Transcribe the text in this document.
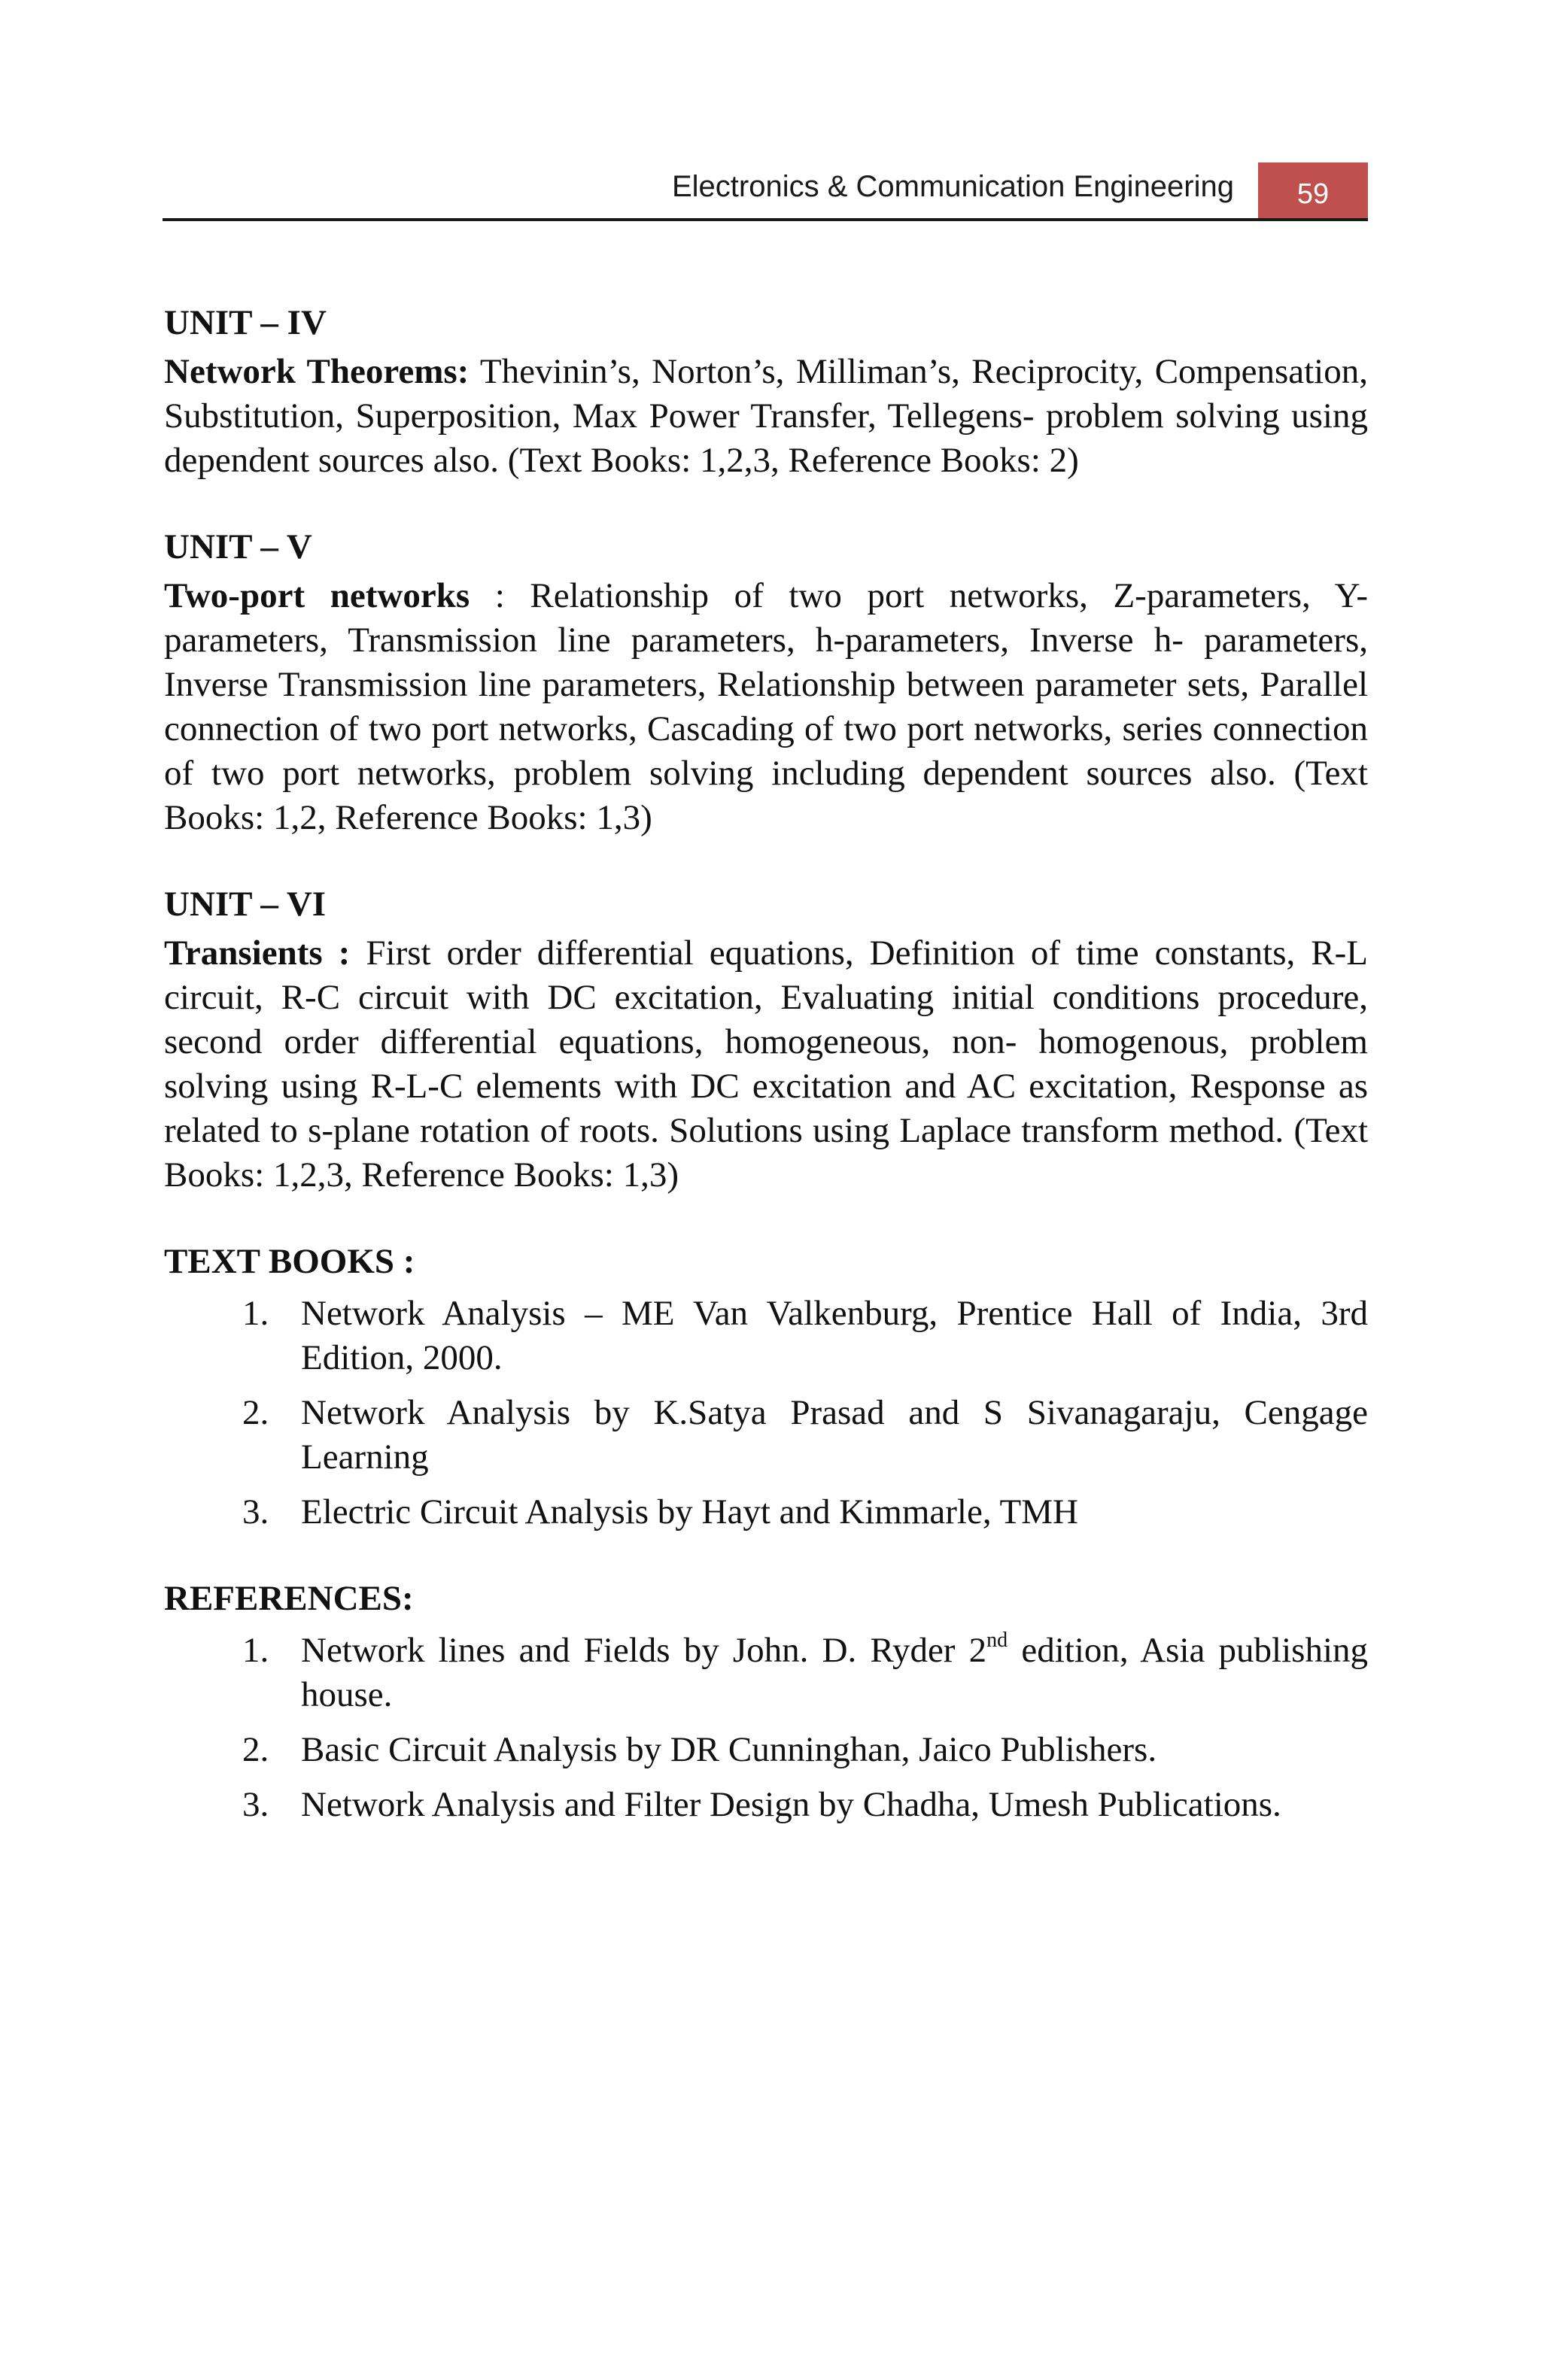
Electronics & Communication Engineering	59

UNIT – IV

Network Theorems: Thevinin’s, Norton’s, Milliman’s, Reciprocity, Compensation, Substitution, Superposition, Max Power Transfer, Tellegens- problem solving using dependent sources also. (Text Books: 1,2,3, Reference Books: 2)

UNIT – V

Two-port networks : Relationship of two port networks, Z-parameters, Y- parameters, Transmission line parameters, h-parameters, Inverse h- parameters, Inverse Transmission line parameters, Relationship between parameter sets, Parallel connection of two port networks, Cascading of two port networks, series connection of two port networks, problem solving including dependent sources also. (Text Books: 1,2, Reference Books: 1,3)

UNIT – VI

Transients : First order differential equations, Definition of time constants, R-L circuit, R-C circuit with DC excitation, Evaluating initial conditions procedure, second order differential equations, homogeneous, non- homogenous, problem solving using R-L-C elements with DC excitation and AC excitation, Response as related to s-plane rotation of roots. Solutions using Laplace transform method. (Text Books: 1,2,3, Reference Books: 1,3)

TEXT BOOKS :

1. Network Analysis – ME Van Valkenburg, Prentice Hall of India, 3rd Edition, 2000.
2. Network Analysis by K.Satya Prasad and S Sivanagaraju, Cengage Learning
3. Electric Circuit Analysis by Hayt and Kimmarle, TMH

REFERENCES:

1. Network lines and Fields by John. D. Ryder 2nd edition, Asia publishing house.
2. Basic Circuit Analysis by DR Cunninghan, Jaico Publishers.
3. Network Analysis and Filter Design by Chadha, Umesh Publications.
